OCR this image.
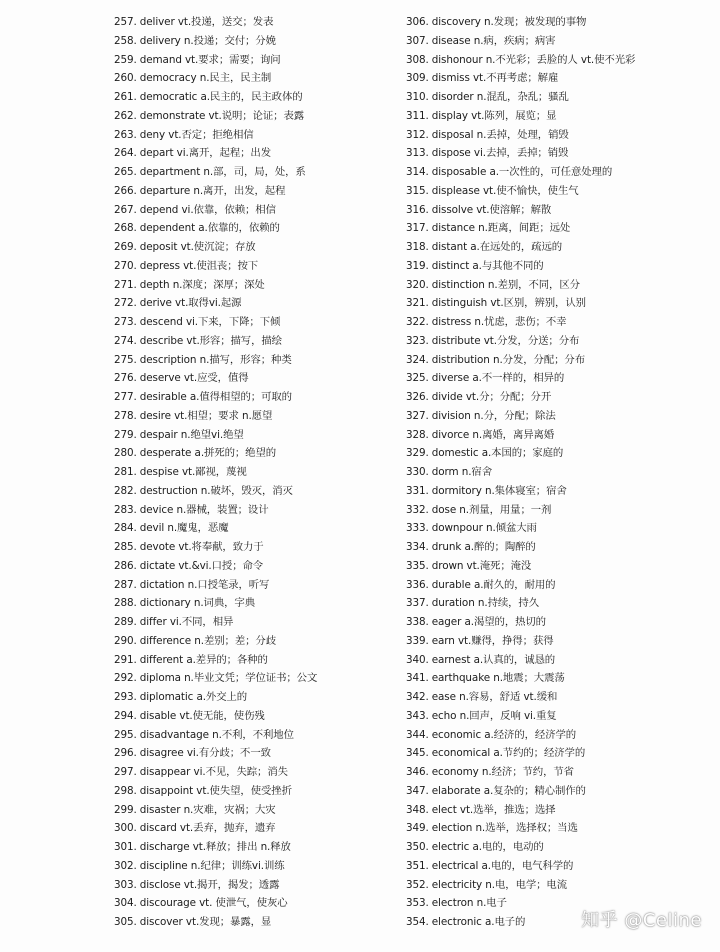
257. deliver vt.投递，送交；发表
258. delivery n.投递；交付；分娩
259. demand vt.要求；需要；询问
260. democracy n.民主，民主制
261. democratic a.民主的，民主政体的
262. demonstrate vt.说明；论证；表露
263. deny vt.否定；拒绝相信
264. depart vi.离开，起程；出发
265. department n.部，司，局，处，系
266. departure n.离开，出发，起程
267. depend vi.依靠，依赖；相信
268. dependent a.依靠的，依赖的
269. deposit vt.使沉淀；存放
270. depress vt.使沮丧；按下
271. depth n.深度；深厚；深处
272. derive vt.取得vi.起源
273. descend vi.下来，下降；下倾
274. describe vt.形容；描写，描绘
275. description n.描写，形容；种类
276. deserve vt.应受，值得
277. desirable a.值得相望的；可取的
278. desire vt.相望；要求 n.愿望
279. despair n.绝望vi.绝望
280. desperate a.拼死的；绝望的
281. despise vt.鄙视，蔑视
282. destruction n.破坏，毁灭，消灭
283. device n.器械，装置；设计
284. devil n.魔鬼，恶魔
285. devote vt.将奉献，致力于
286. dictate vt.&vi.口授；命令
287. dictation n.口授笔录，听写
288. dictionary n.词典，字典
289. differ vi.不同，相异
290. difference n.差别；差；分歧
291. different a.差异的；各种的
292. diploma n.毕业文凭；学位证书；公文
293. diplomatic a.外交上的
294. disable vt.使无能，使伤残
295. disadvantage n.不利，不利地位
296. disagree vi.有分歧；不一致
297. disappear vi.不见，失踪；消失
298. disappoint vt.使失望，使受挫折
299. disaster n.灾难，灾祸；大灾
300. discard vt.丢弃，抛弃，遗弃
301. discharge vt.释放；排出 n.释放
302. discipline n.纪律；训练vi.训练
303. disclose vt.揭开，揭发；透露
304. discourage vt. 使泄气，使灰心
305. discover vt.发现；暴露，显
306. discovery n.发现；被发现的事物
307. disease n.病，疾病；病害
308. dishonour n.不光彩；丢脸的人 vt.使不光彩
309. dismiss vt.不再考虑；解雇
310. disorder n.混乱，杂乱；骚乱
311. display vt.陈列，展览；显
312. disposal n.丢掉，处理，销毁
313. dispose vi.去掉，丢掉；销毁
314. disposable a.一次性的，可任意处理的
315. displease vt.使不愉快，使生气
316. dissolve vt.使溶解；解散
317. distance n.距离，间距；远处
318. distant a.在远处的，疏远的
319. distinct a.与其他不同的
320. distinction n.差别，不同，区分
321. distinguish vt.区别，辨别，认别
322. distress n.忧虑，悲伤；不幸
323. distribute vt.分发，分送；分布
324. distribution n.分发，分配；分布
325. diverse a.不一样的，相异的
326. divide vt.分；分配；分开
327. division n.分，分配；除法
328. divorce n.离婚，离异离婚
329. domestic a.本国的；家庭的
330. dorm n.宿舍
331. dormitory n.集体寝室；宿舍
332. dose n.剂量，用量；一剂
333. downpour n.倾盆大雨
334. drunk a.醉的；陶醉的
335. drown vt.淹死；淹没
336. durable a.耐久的，耐用的
337. duration n.持续，持久
338. eager a.渴望的，热切的
339. earn vt.赚得，挣得；获得
340. earnest a.认真的，诚恳的
341. earthquake n.地震；大震荡
342. ease n.容易，舒适 vt.缓和
343. echo n.回声，反响 vi.重复
344. economic a.经济的，经济学的
345. economical a.节约的；经济学的
346. economy n.经济；节约，节省
347. elaborate a.复杂的；精心制作的
348. elect vt.选举，推选；选择
349. election n.选举，选择权；当选
350. electric a.电的，电动的
351. electrical a.电的，电气科学的
352. electricity n.电，电学；电流
353. electron n.电子
354. electronic a.电子的	知乎 @Celine
